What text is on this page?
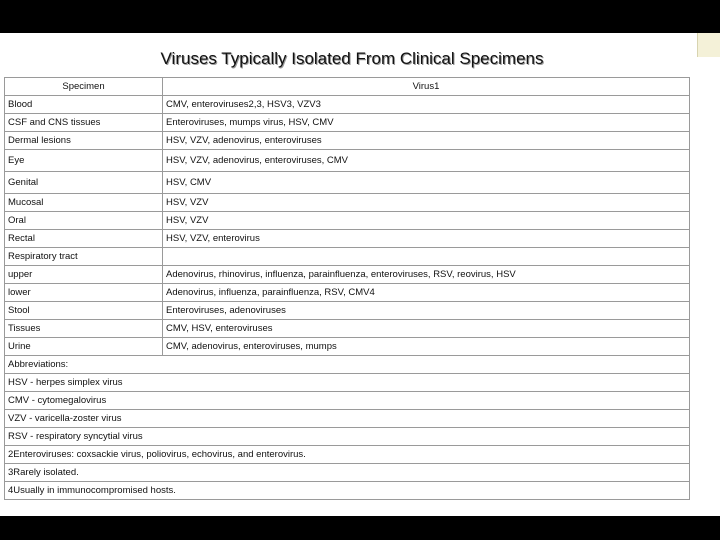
Viruses Typically Isolated From Clinical Specimens
Specimen	Virus1
Blood	CMV, enteroviruses2,3, HSV3, VZV3
CSF and CNS tissues	Enteroviruses, mumps virus, HSV, CMV
Dermal lesions	HSV, VZV, adenovirus, enteroviruses
Eye	HSV, VZV, adenovirus, enteroviruses, CMV
Genital	HSV, CMV
Mucosal	HSV, VZV
Oral	HSV, VZV
Rectal	HSV, VZV, enterovirus
Respiratory tract	
upper	Adenovirus, rhinovirus, influenza, parainfluenza, enteroviruses, RSV, reovirus, HSV
lower	Adenovirus, influenza, parainfluenza, RSV, CMV4
Stool	Enteroviruses, adenoviruses
Tissues	CMV, HSV, enteroviruses
Urine	CMV, adenovirus, enteroviruses, mumps
Abbreviations:	
HSV - herpes simplex virus	
CMV - cytomegalovirus	
VZV - varicella-zoster virus	
RSV - respiratory syncytial virus	
2Enteroviruses: coxsackie virus, poliovirus, echovirus, and enterovirus.	
3Rarely isolated.	
4Usually in immunocompromised hosts.	
